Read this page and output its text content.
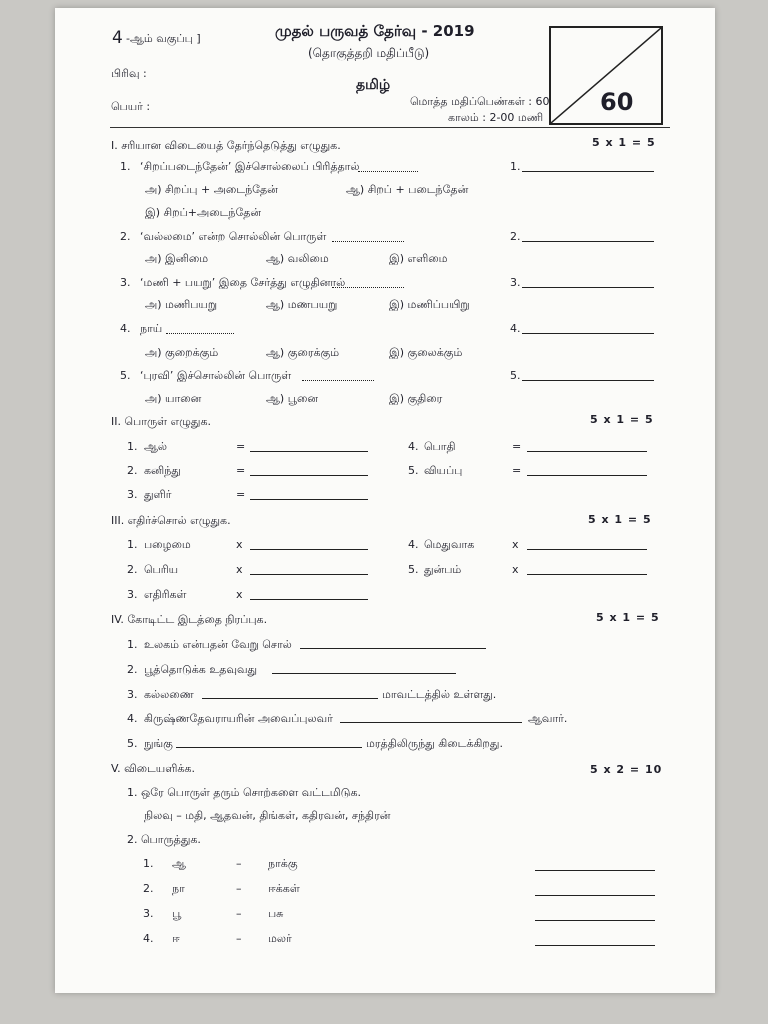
4 -ஆம் வகுப்பு ]
பிரிவு :
பெயர் :
முதல் பருவத் தேர்வு - 2019
(தொகுத்தறி மதிப்பீடு)
தமிழ்
மொத்த மதிப்பெண்கள் : 60
காலம் : 2-00 மணி
60
I. சரியான விடையைத் தேர்ந்தெடுத்து எழுதுக.	5 x 1 = 5
1. ‘சிறப்படைந்தேன்’ இச்சொல்லைப் பிரித்தால்	1.
அ) சிறப்பு + அடைந்தேன்	ஆ) சிறப் + படைந்தேன்
இ) சிறப்+அடைந்தேன்
2. ‘வல்லமை’ என்ற சொல்லின் பொருள்	2.
அ) இனிமை	ஆ) வலிமை	இ) எளிமை
3. ‘மணி + பயறு’ இதை சேர்த்து எழுதினால்	3.
அ) மணிபயறு	ஆ) மணபயறு	இ) மணிப்பயிறு
4. நாய்	4.
அ) குறைக்கும்	ஆ) குரைக்கும்	இ) குலைக்கும்
5. ‘புரவி’ இச்சொல்லின் பொருள்	5.
அ) யானை	ஆ) பூனை	இ) குதிரை
II. பொருள் எழுதுக.	5 x 1 = 5
1. ஆல்	=
2. கனிந்து	=
3. துளிர்	=
4. பொதி	=
5. வியப்பு	=
III. எதிர்ச்சொல் எழுதுக.	5 x 1 = 5
1. பழைமை	x
2. பெரிய	x
3. எதிரிகள்	x
4. மெதுவாக	x
5. துன்பம்	x
IV. கோடிட்ட இடத்தை நிரப்புக.	5 x 1 = 5
1. உலகம் என்பதன் வேறு சொல்
2. பூத்தொடுக்க உதவுவது
3. கல்லணை	மாவட்டத்தில் உள்ளது.
4. கிருஷ்ணதேவராயரின் அவைப்புலவர்	ஆவார்.
5. நுங்கு	மரத்திலிருந்து கிடைக்கிறது.
V. விடையளிக்க.	5 x 2 = 10
1. ஒரே பொருள் தரும் சொற்களை வட்டமிடுக.
நிலவு – மதி, ஆதவன், திங்கள், கதிரவன், சந்திரன்
2. பொருத்துக.
1. ஆ	– நாக்கு
2. நா	– ஈக்கள்
3. பூ	– பசு
4. ஈ	– மலர்
